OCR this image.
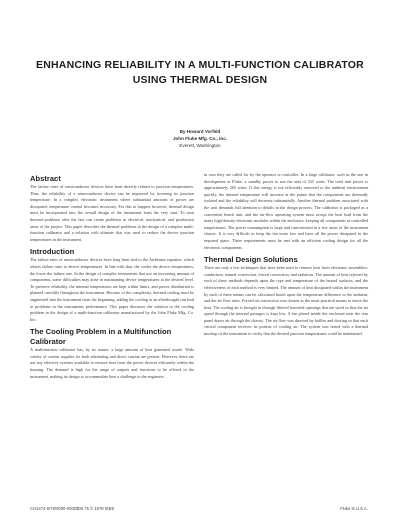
ENHANCING RELIABILITY IN A MULTI-FUNCTION CALIBRATOR USING THERMAL DESIGN
By Howard Vorfeld
John Fluke Mfg. Co., Inc.
Everett, Washington
Abstract

The failure rates of semiconductor devices have been directly related to junction temperatures. Thus, the reliability of a semiconductor device can be improved by lowering its junction temperature. In a complex electronic instrument where substantial amounts of power are dissipated, temperature control becomes necessary. For this to happen, however, thermal design must be incorporated into the overall design of the instrument from the very start. To treat thermal problems after the fact can create problems in electrical, mechanical, and production areas of the project. This paper describes the thermal problems in the design of a complex multi-function calibrator and a solution with ultimate that was used to reduce the device junction temperatures in the instrument.

Introduction

The failure rates of semiconductor devices have long been tied to the Arrhenius equation, which relates failure rates to device temperatures. In line with that, the cooler the device temperatures, the lower the failure rate. In the design of complex instruments that use an increasing amount of components, some difficulties may arise in maintaining device temperatures at the desired level. To preserve reliability, the internal temperatures are kept within limits, and power distribution is planned carefully throughout the instrument. Because of the complexity, thermal cooling must be engineered into the instrument from the beginning, adding the cooling as an afterthought can lead to problems in the instruments performance. This paper discusses the solution to the cooling problem in the design of a multi-function calibrator manufactured by the John Fluke Mfg. Co. Inc.

The Cooling Problem in a Multifunction Calibrator

A multifunction calibrator has, by its nature, a large amount of heat generated inside. Wide variety of current supplies for both alternating and direct current are present. However, there are not any effective systems available to remove heat from the power devices efficiently within the housing. The demand is high for the range of outputs and functions to be offered in the instrument, making its design to accommodate heat a challenge to the engineers.

in case they are called for by the operator or controller. In a large calibrator, such as the one in development at Fluke, a standby power to run the unit of 335 watts. The total unit power is approximately 265 watts. If this energy is not efficiently removed to the ambient environment quickly, the internal temperature will increase at the points that the components are thermally isolated and the reliability will decrease substantially. Another thermal problem associated with the unit demands full attention to details in the design process. The calibrator is packaged as a convenient bench unit, and the air-flow operating system must accept the heat load from the many high-density electronic modules within the enclosure, keeping all components at controlled temperatures. The power consumption is large and concentrated in a few areas of the instrument chassis. It is very difficult to keep the fan noise low and have all the power dissipated in the required space. These requirements must be met with an efficient cooling design for all the electronic components.

Thermal Design Solutions

There are only a few techniques that have been used to remove heat from electronic assemblies: conduction, natural convection, forced convection, and radiation. The amount of heat rejected by each of these methods depends upon the type and temperature of the heated surfaces, and the effectiveness of each method is very limited. The amount of heat dissipated within the instrument by each of these means can be calculated based upon the temperature difference to the ambient, and the air flow rates. Forced air convection was chosen as the most practical means to move the heat. The cooling air is brought in through filtered louvered openings that are sized so that the air speed through the internal passages is kept low. A fan placed inside the enclosure near the rear panel draws air through the chassis. The air flow was directed by baffles and ducting so that each critical component receives its portion of cooling air. The system was tested with a thermal mockup of the instrument to verify that the desired junction temperatures could be maintained.

CH1474-6/79/0000-0000$00.75 © 1979 IEEE	Fluke Is U.S.A.
